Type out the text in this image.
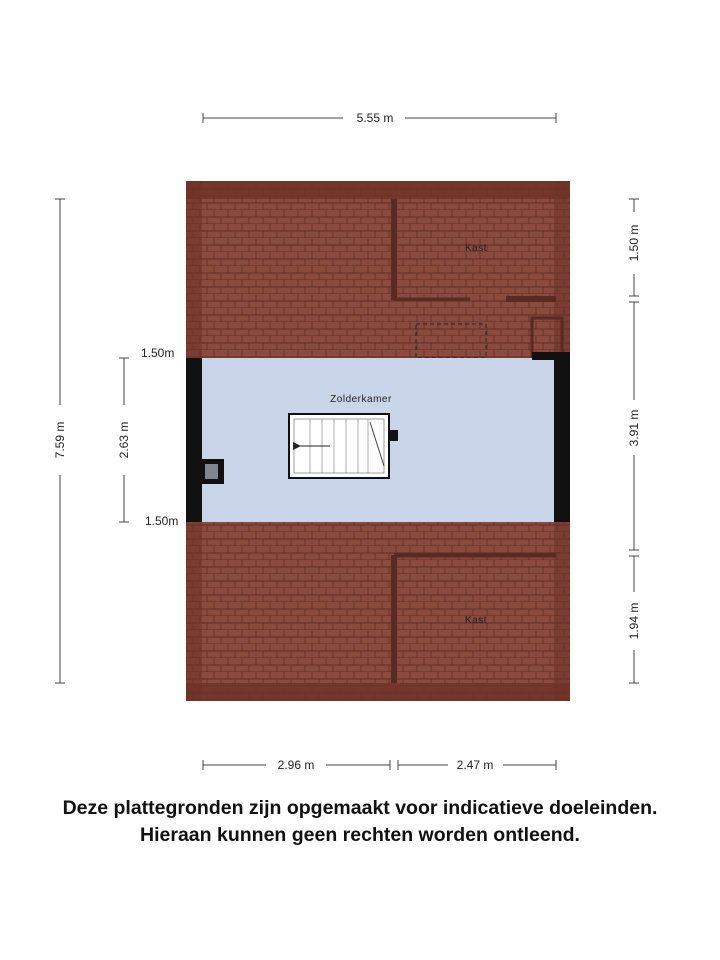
Kast
Kast
Zolderkamer
5.55 m
7.59 m	2.63 m
1.50m
1.50m
1.50 m
3.91 m
1.94 m
2.96 m	2.47 m
Deze plattegronden zijn opgemaakt voor indicatieve doeleinden.
Hieraan kunnen geen rechten worden ontleend.
